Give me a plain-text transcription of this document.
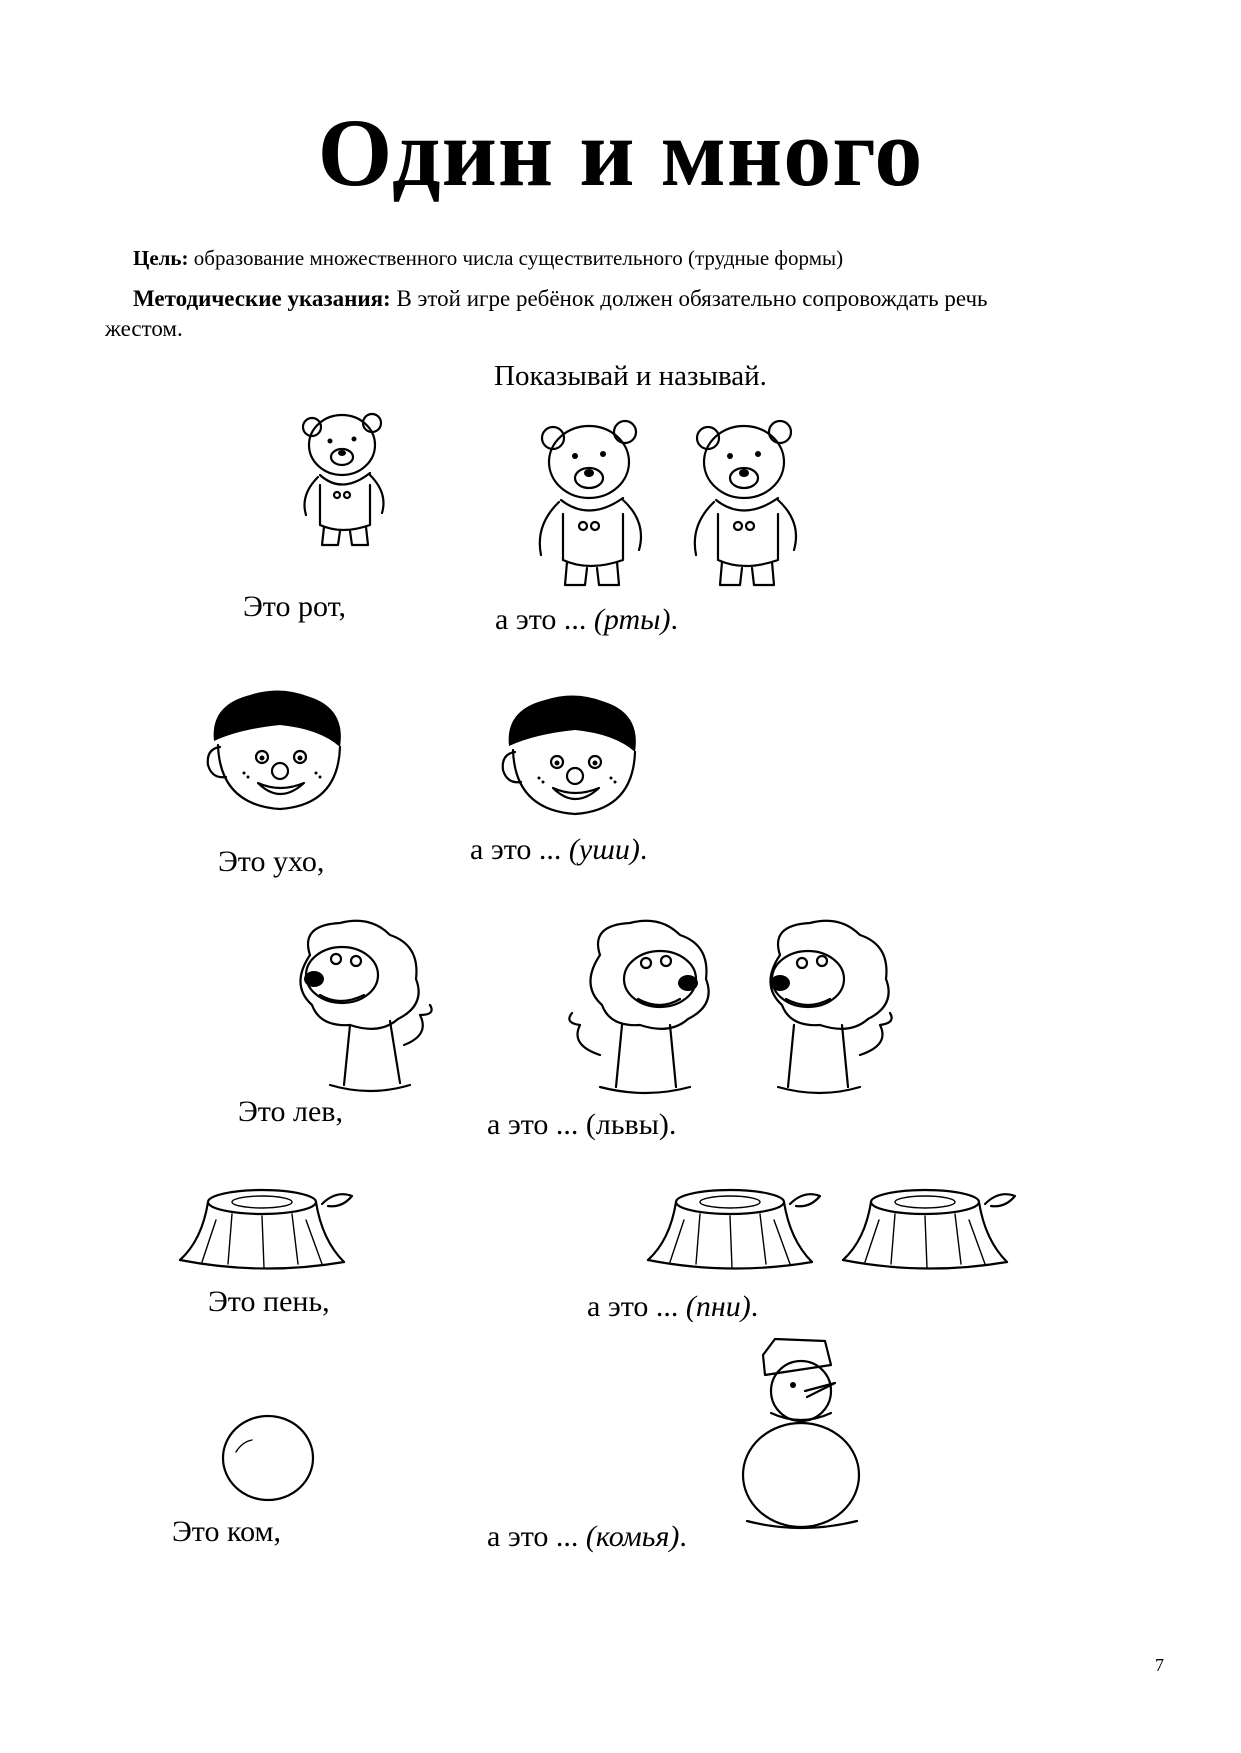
Один и много
Цель: образование множественного числа существительного (трудные формы)
Методические указания: В этой игре ребёнок должен обязательно сопровождать речь
жестом.
Показывай и называй.
Это рот,	а это ... (рты).
Это ухо,	а это ... (уши).
Это лев,	а это ... (львы).
Это пень,	а это ... (пни).
Это ком,	а это ... (комья).
7
